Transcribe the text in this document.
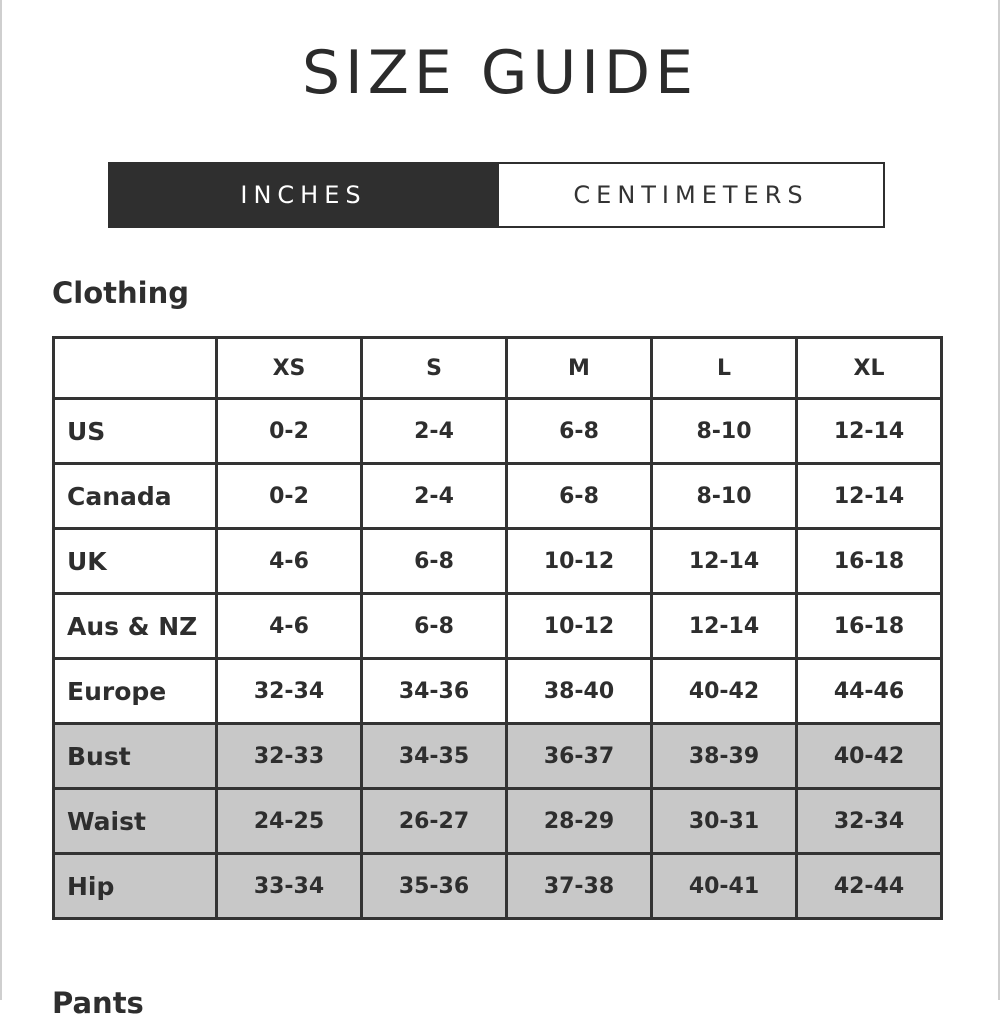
SIZE GUIDE
INCHES	CENTIMETERS
Clothing
	XS	S	M	L	XL
US	0-2	2-4	6-8	8-10	12-14
Canada	0-2	2-4	6-8	8-10	12-14
UK	4-6	6-8	10-12	12-14	16-18
Aus & NZ	4-6	6-8	10-12	12-14	16-18
Europe	32-34	34-36	38-40	40-42	44-46
Bust	32-33	34-35	36-37	38-39	40-42
Waist	24-25	26-27	28-29	30-31	32-34
Hip	33-34	35-36	37-38	40-41	42-44
Pants
